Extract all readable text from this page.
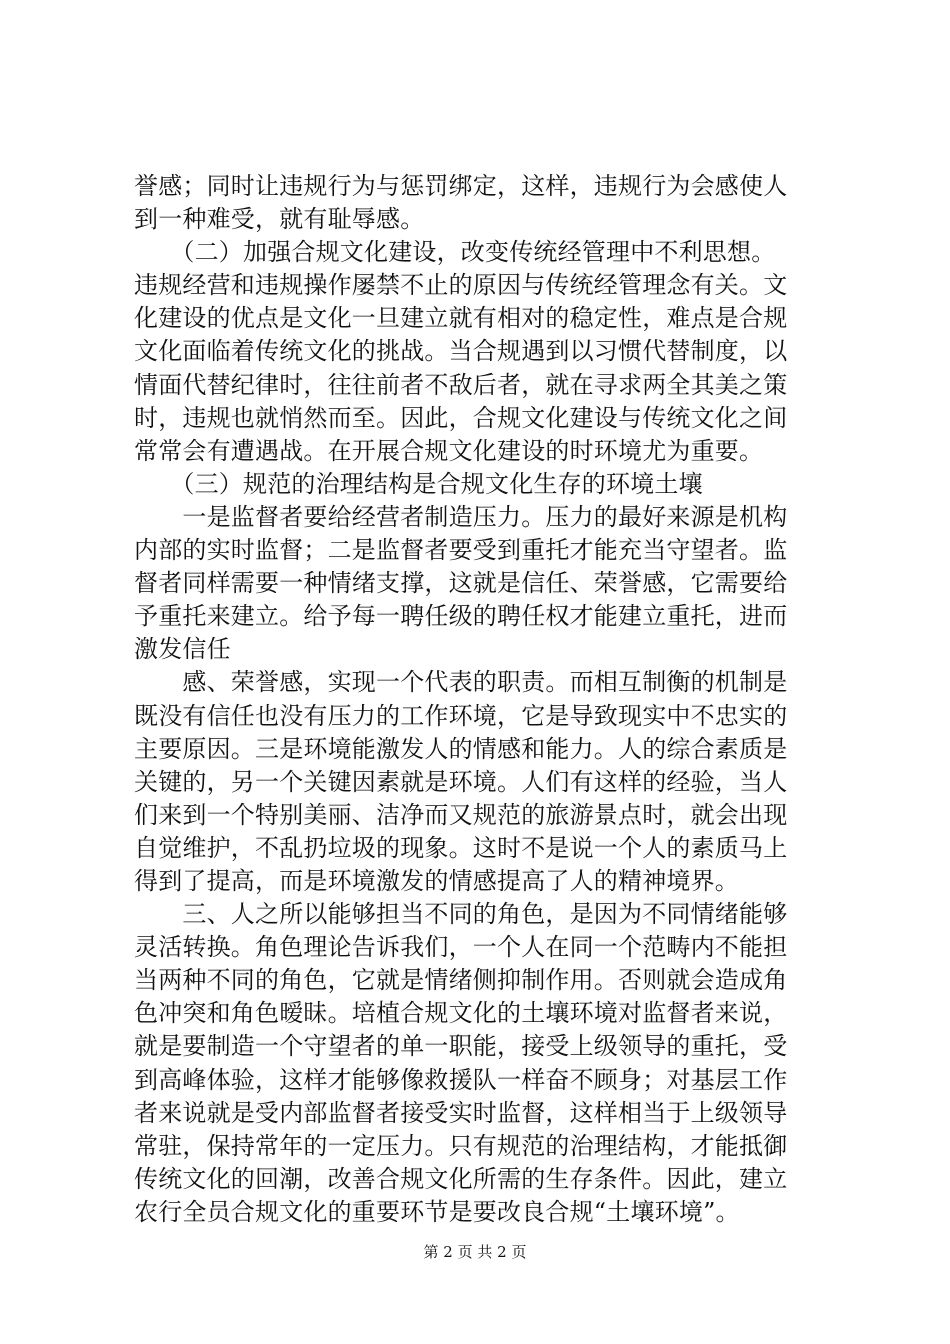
誉感；同时让违规行为与惩罚绑定，这样，违规行为会感使人
到一种难受，就有耻辱感。
　　（二）加强合规文化建设，改变传统经管理中不利思想。
违规经营和违规操作屡禁不止的原因与传统经管理念有关。文
化建设的优点是文化一旦建立就有相对的稳定性，难点是合规
文化面临着传统文化的挑战。当合规遇到以习惯代替制度，以
情面代替纪律时，往往前者不敌后者，就在寻求两全其美之策
时，违规也就悄然而至。因此，合规文化建设与传统文化之间
常常会有遭遇战。在开展合规文化建设的时环境尤为重要。
　　（三）规范的治理结构是合规文化生存的环境土壤
　　一是监督者要给经营者制造压力。压力的最好来源是机构
内部的实时监督；二是监督者要受到重托才能充当守望者。监
督者同样需要一种情绪支撑，这就是信任、荣誉感，它需要给
予重托来建立。给予每一聘任级的聘任权才能建立重托，进而
激发信任
　　感、荣誉感，实现一个代表的职责。而相互制衡的机制是
既没有信任也没有压力的工作环境，它是导致现实中不忠实的
主要原因。三是环境能激发人的情感和能力。人的综合素质是
关键的，另一个关键因素就是环境。人们有这样的经验，当人
们来到一个特别美丽、洁净而又规范的旅游景点时，就会出现
自觉维护，不乱扔垃圾的现象。这时不是说一个人的素质马上
得到了提高，而是环境激发的情感提高了人的精神境界。
　　三、人之所以能够担当不同的角色，是因为不同情绪能够
灵活转换。角色理论告诉我们，一个人在同一个范畴内不能担
当两种不同的角色，它就是情绪侧抑制作用。否则就会造成角
色冲突和角色暧昧。培植合规文化的土壤环境对监督者来说，
就是要制造一个守望者的单一职能，接受上级领导的重托，受
到高峰体验，这样才能够像救援队一样奋不顾身；对基层工作
者来说就是受内部监督者接受实时监督，这样相当于上级领导
常驻，保持常年的一定压力。只有规范的治理结构，才能抵御
传统文化的回潮，改善合规文化所需的生存条件。因此，建立
农行全员合规文化的重要环节是要改良合规“土壤环境”。
第 2 页 共 2 页
